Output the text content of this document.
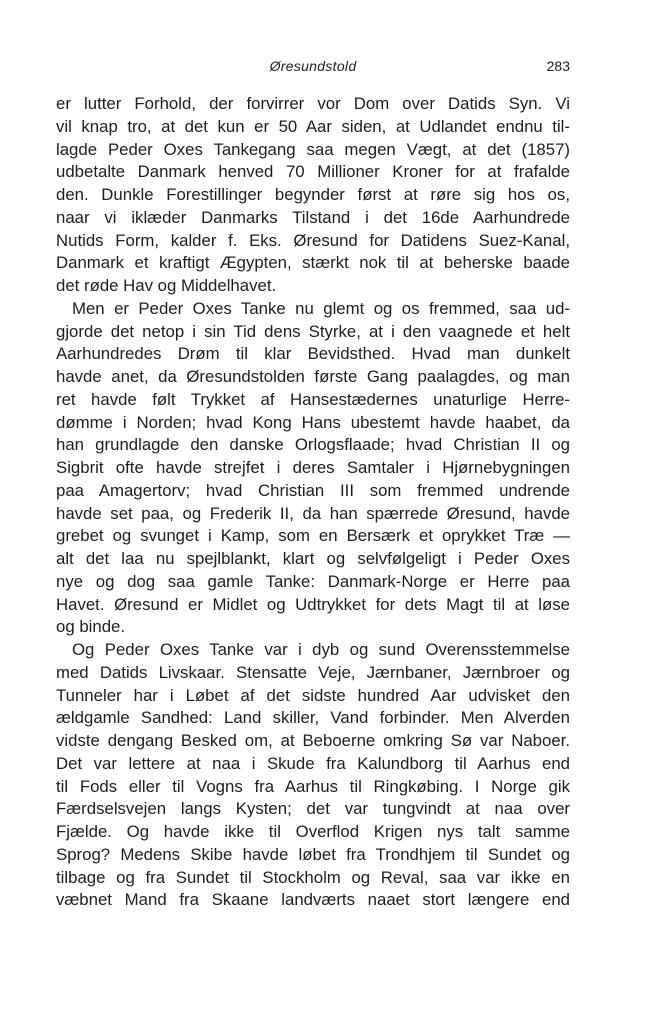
Øresundstold	283
er lutter Forhold, der forvirrer vor Dom over Datids Syn. Vi
vil knap tro, at det kun er 50 Aar siden, at Udlandet endnu til-
lagde Peder Oxes Tankegang saa megen Vægt, at det (1857)
udbetalte Danmark henved 70 Millioner Kroner for at frafalde
den. Dunkle Forestillinger begynder først at røre sig hos os,
naar vi iklæder Danmarks Tilstand i det 16de Aarhundrede
Nutids Form, kalder f. Eks. Øresund for Datidens Suez-Kanal,
Danmark et kraftigt Ægypten, stærkt nok til at beherske baade
det røde Hav og Middelhavet.
Men er Peder Oxes Tanke nu glemt og os fremmed, saa ud-
gjorde det netop i sin Tid dens Styrke, at i den vaagnede et helt
Aarhundredes Drøm til klar Bevidsthed. Hvad man dunkelt
havde anet, da Øresundstolden første Gang paalagdes, og man
ret havde følt Trykket af Hansestædernes unaturlige Herre-
dømme i Norden; hvad Kong Hans ubestemt havde haabet, da
han grundlagde den danske Orlogsflaade; hvad Christian II og
Sigbrit ofte havde strejfet i deres Samtaler i Hjørnebygningen
paa Amagertorv; hvad Christian III som fremmed undrende
havde set paa, og Frederik II, da han spærrede Øresund, havde
grebet og svunget i Kamp, som en Bersærk et oprykket Træ —
alt det laa nu spejlblankt, klart og selvfølgeligt i Peder Oxes
nye og dog saa gamle Tanke: Danmark-Norge er Herre paa
Havet. Øresund er Midlet og Udtrykket for dets Magt til at løse
og binde.
Og Peder Oxes Tanke var i dyb og sund Overensstemmelse
med Datids Livskaar. Stensatte Veje, Jærnbaner, Jærnbroer og
Tunneler har i Løbet af det sidste hundred Aar udvisket den
ældgamle Sandhed: Land skiller, Vand forbinder. Men Alverden
vidste dengang Besked om, at Beboerne omkring Sø var Naboer.
Det var lettere at naa i Skude fra Kalundborg til Aarhus end
til Fods eller til Vogns fra Aarhus til Ringkøbing. I Norge gik
Færdselsvejen langs Kysten; det var tungvindt at naa over
Fjælde. Og havde ikke til Overflod Krigen nys talt samme
Sprog? Medens Skibe havde løbet fra Trondhjem til Sundet og
tilbage og fra Sundet til Stockholm og Reval, saa var ikke en
væbnet Mand fra Skaane landværts naaet stort længere end
